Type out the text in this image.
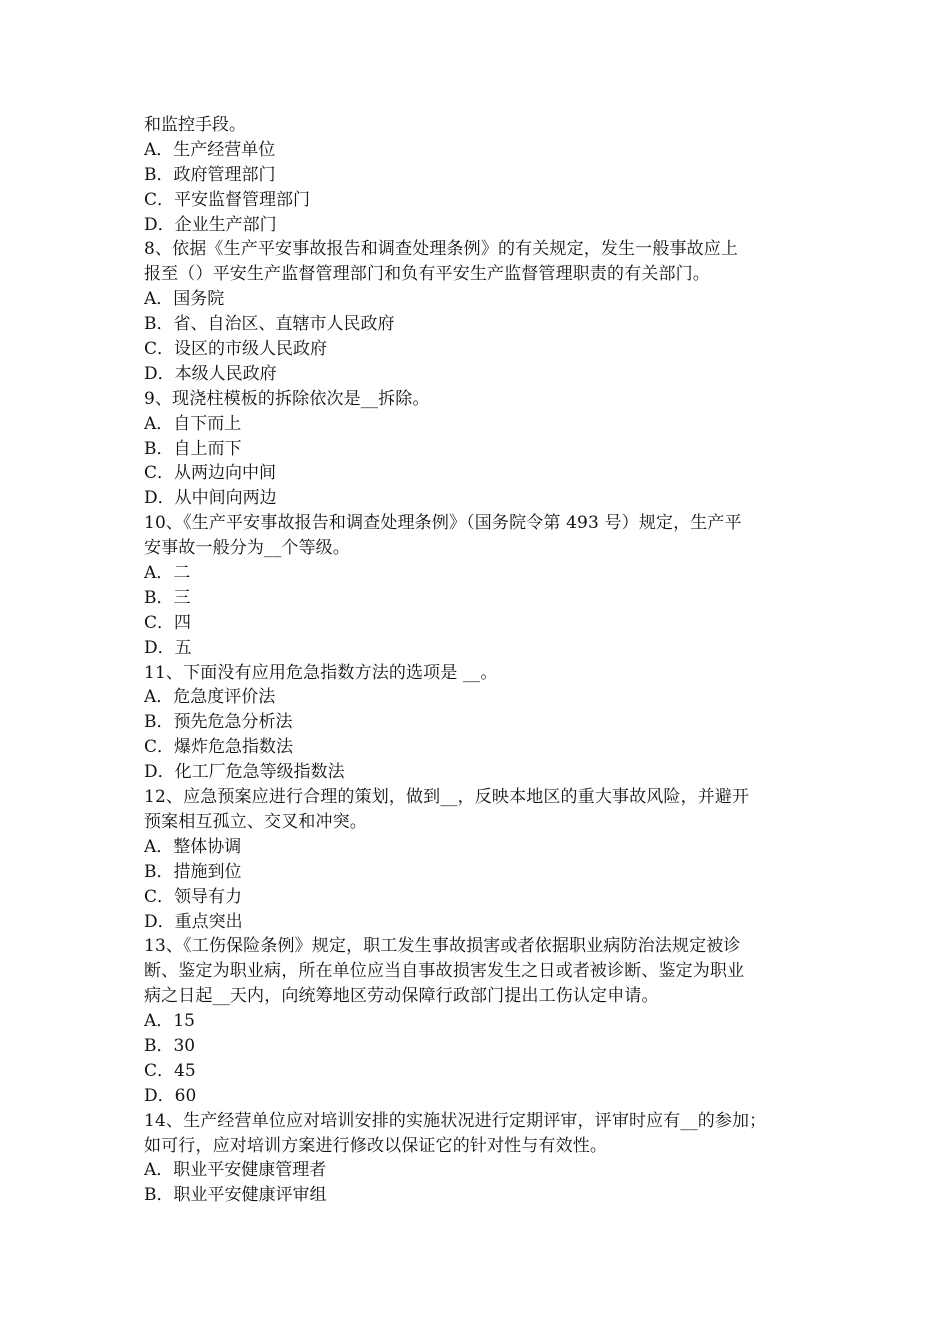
和监控手段。
A．生产经营单位
B．政府管理部门
C．平安监督管理部门
D．企业生产部门
8、依据《生产平安事故报告和调查处理条例》的有关规定，发生一般事故应上
报至（）平安生产监督管理部门和负有平安生产监督管理职责的有关部门。
A．国务院
B．省、自治区、直辖市人民政府
C．设区的市级人民政府
D．本级人民政府
9、现浇柱模板的拆除依次是__拆除。
A．自下而上
B．自上而下
C．从两边向中间
D．从中间向两边
10、《生产平安事故报告和调查处理条例》（国务院令第 493 号）规定，生产平
安事故一般分为__个等级。
A．二
B．三
C．四
D．五
11、下面没有应用危急指数方法的选项是 __。
A．危急度评价法
B．预先危急分析法
C．爆炸危急指数法
D．化工厂危急等级指数法
12、应急预案应进行合理的策划，做到__，反映本地区的重大事故风险，并避开
预案相互孤立、交叉和冲突。
A．整体协调
B．措施到位
C．领导有力
D．重点突出
13、《工伤保险条例》规定，职工发生事故损害或者依据职业病防治法规定被诊
断、鉴定为职业病，所在单位应当自事故损害发生之日或者被诊断、鉴定为职业
病之日起__天内，向统筹地区劳动保障行政部门提出工伤认定申请。
A．15
B．30
C．45
D．60
14、生产经营单位应对培训安排的实施状况进行定期评审，评审时应有__的参加；
如可行，应对培训方案进行修改以保证它的针对性与有效性。
A．职业平安健康管理者
B．职业平安健康评审组
